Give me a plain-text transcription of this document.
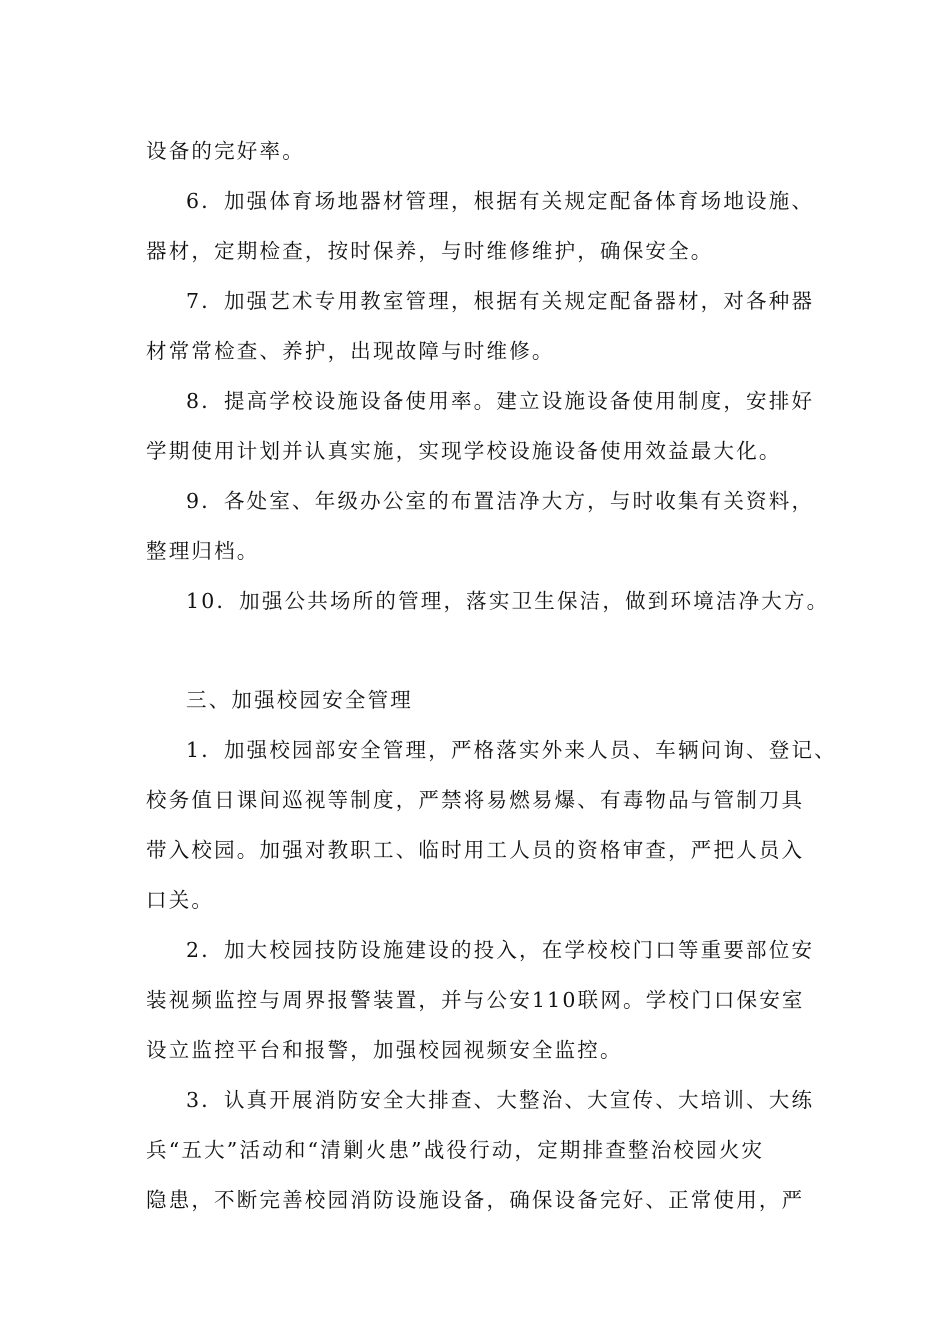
设备的完好率。
6．加强体育场地器材管理，根据有关规定配备体育场地设施、
器材，定期检查，按时保养，与时维修维护，确保安全。
7．加强艺术专用教室管理，根据有关规定配备器材，对各种器
材常常检查、养护，出现故障与时维修。
8．提高学校设施设备使用率。建立设施设备使用制度，安排好
学期使用计划并认真实施，实现学校设施设备使用效益最大化。
9．各处室、年级办公室的布置洁净大方，与时收集有关资料，
整理归档。
10．加强公共场所的管理，落实卫生保洁，做到环境洁净大方。
三、加强校园安全管理
1．加强校园部安全管理，严格落实外来人员、车辆问询、登记、
校务值日课间巡视等制度，严禁将易燃易爆、有毒物品与管制刀具
带入校园。加强对教职工、临时用工人员的资格审查，严把人员入
口关。
2．加大校园技防设施建设的投入，在学校校门口等重要部位安
装视频监控与周界报警装置，并与公安110联网。学校门口保安室
设立监控平台和报警，加强校园视频安全监控。
3．认真开展消防安全大排查、大整治、大宣传、大培训、大练
兵“五大”活动和“清剿火患”战役行动，定期排查整治校园火灾
隐患，不断完善校园消防设施设备，确保设备完好、正常使用，严
